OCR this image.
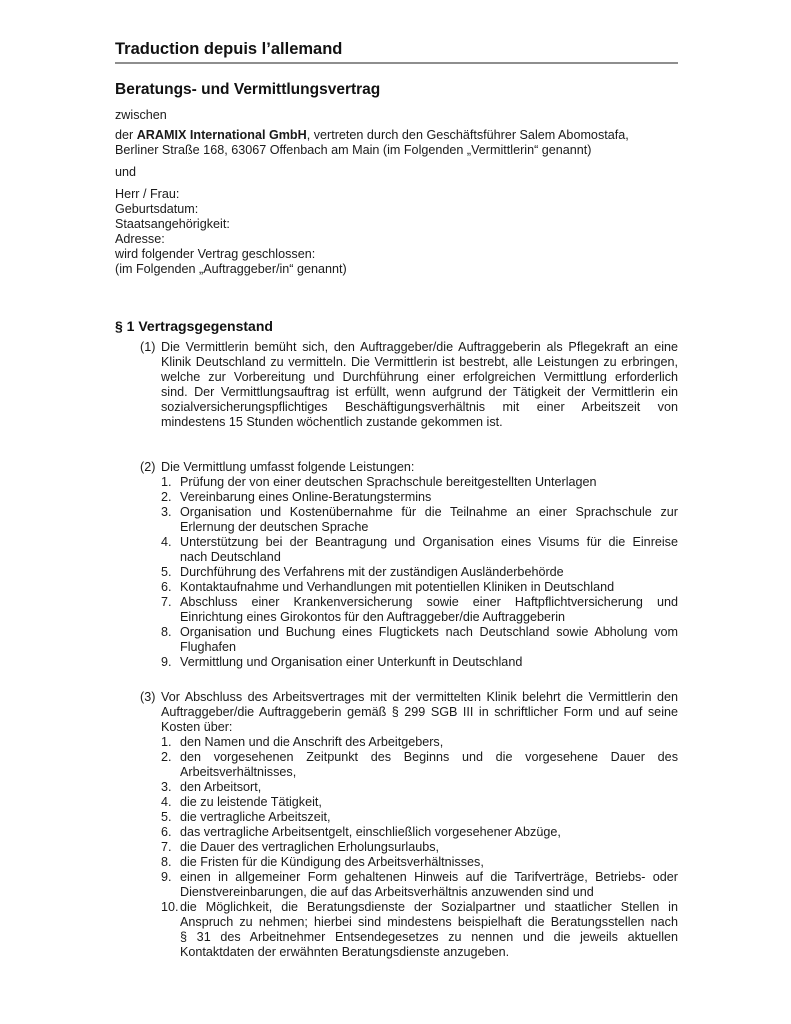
Traduction depuis l’allemand
Beratungs- und Vermittlungsvertrag
zwischen
der ARAMIX International GmbH, vertreten durch den Geschäftsführer Salem Abomostafa,
Berliner Straße 168, 63067 Offenbach am Main (im Folgenden „Vermittlerin“ genannt)
und
Herr / Frau:
Geburtsdatum:
Staatsangehörigkeit:
Adresse:
wird folgender Vertrag geschlossen:
(im Folgenden „Auftraggeber/in“ genannt)
§ 1 Vertragsgegenstand
(1) Die Vermittlerin bemüht sich, den Auftraggeber/die Auftraggeberin als Pflegekraft an eine
Klinik Deutschland zu vermitteln. Die Vermittlerin ist bestrebt, alle Leistungen zu erbringen,
welche zur Vorbereitung und Durchführung einer erfolgreichen Vermittlung erforderlich
sind. Der Vermittlungsauftrag ist erfüllt, wenn aufgrund der Tätigkeit der Vermittlerin ein
sozialversicherungspflichtiges Beschäftigungsverhältnis mit einer Arbeitszeit von
mindestens 15 Stunden wöchentlich zustande gekommen ist.
(2) Die Vermittlung umfasst folgende Leistungen:
1. Prüfung der von einer deutschen Sprachschule bereitgestellten Unterlagen
2. Vereinbarung eines Online-Beratungstermins
3. Organisation und Kostenübernahme für die Teilnahme an einer Sprachschule zur
Erlernung der deutschen Sprache
4. Unterstützung bei der Beantragung und Organisation eines Visums für die Einreise
nach Deutschland
5. Durchführung des Verfahrens mit der zuständigen Ausländerbehörde
6. Kontaktaufnahme und Verhandlungen mit potentiellen Kliniken in Deutschland
7. Abschluss einer Krankenversicherung sowie einer Haftpflichtversicherung und
Einrichtung eines Girokontos für den Auftraggeber/die Auftraggeberin
8. Organisation und Buchung eines Flugtickets nach Deutschland sowie Abholung vom
Flughafen
9. Vermittlung und Organisation einer Unterkunft in Deutschland
(3) Vor Abschluss des Arbeitsvertrages mit der vermittelten Klinik belehrt die Vermittlerin den
Auftraggeber/die Auftraggeberin gemäß § 299 SGB III in schriftlicher Form und auf seine
Kosten über:
1. den Namen und die Anschrift des Arbeitgebers,
2. den vorgesehenen Zeitpunkt des Beginns und die vorgesehene Dauer des
Arbeitsverhältnisses,
3. den Arbeitsort,
4. die zu leistende Tätigkeit,
5. die vertragliche Arbeitszeit,
6. das vertragliche Arbeitsentgelt, einschließlich vorgesehener Abzüge,
7. die Dauer des vertraglichen Erholungsurlaubs,
8. die Fristen für die Kündigung des Arbeitsverhältnisses,
9. einen in allgemeiner Form gehaltenen Hinweis auf die Tarifverträge, Betriebs- oder
Dienstvereinbarungen, die auf das Arbeitsverhältnis anzuwenden sind und
10. die Möglichkeit, die Beratungsdienste der Sozialpartner und staatlicher Stellen in
Anspruch zu nehmen; hierbei sind mindestens beispielhaft die Beratungsstellen nach
§ 31 des Arbeitnehmer Entsendegesetzes zu nennen und die jeweils aktuellen
Kontaktdaten der erwähnten Beratungsdienste anzugeben.
